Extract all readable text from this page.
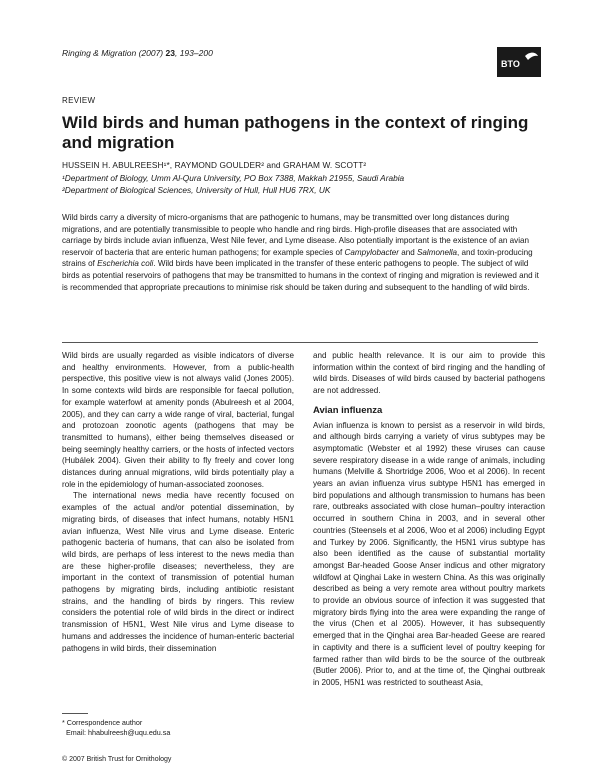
Ringing & Migration (2007) 23, 193–200
BTO
REVIEW
Wild birds and human pathogens in the context of ringing and migration
HUSSEIN H. ABULREESH¹*, RAYMOND GOULDER² and GRAHAM W. SCOTT²
¹Department of Biology, Umm Al-Qura University, PO Box 7388, Makkah 21955, Saudi Arabia
²Department of Biological Sciences, University of Hull, Hull HU6 7RX, UK
Wild birds carry a diversity of micro-organisms that are pathogenic to humans, may be transmitted over long distances during migrations, and are potentially transmissible to people who handle and ring birds. High-profile diseases that are associated with carriage by birds include avian influenza, West Nile fever, and Lyme disease. Also potentially important is the existence of an avian reservoir of bacteria that are enteric human pathogens; for example species of Campylobacter and Salmonella, and toxin-producing strains of Escherichia coli. Wild birds have been implicated in the transfer of these enteric pathogens to people. The subject of wild birds as potential reservoirs of pathogens that may be transmitted to humans in the context of ringing and migration is reviewed and it is recommended that appropriate precautions to minimise risk should be taken during and subsequent to the handling of wild birds.

Wild birds are usually regarded as visible indicators of diverse and healthy environments. However, from a public-health perspective, this positive view is not always valid (Jones 2005). In some contexts wild birds are responsible for faecal pollution, for example waterfowl at amenity ponds (Abulreesh et al 2004, 2005), and they can carry a wide range of viral, bacterial, fungal and protozoan zoonotic agents (pathogens that may be transmitted to humans), either being themselves diseased or being seemingly healthy carriers, or the hosts of infected vectors (Hubálek 2004). Given their ability to fly freely and cover long distances during annual migrations, wild birds potentially play a role in the epidemiology of human-associated zoonoses.

The international news media have recently focused on examples of the actual and/or potential dissemination, by migrating birds, of diseases that infect humans, notably H5N1 avian influenza, West Nile virus and Lyme disease. Enteric pathogenic bacteria of humans, that can also be isolated from wild birds, are perhaps of less interest to the news media than are these higher-profile diseases; nevertheless, they are important in the context of transmission of potential human pathogens by migrating birds, including antibiotic resistant strains, and the handling of birds by ringers. This review considers the potential role of wild birds in the direct or indirect transmission of H5N1, West Nile virus and Lyme disease to humans and addresses the incidence of human-enteric bacterial pathogens in wild birds, their dissemination

and public health relevance. It is our aim to provide this information within the context of bird ringing and the handling of wild birds. Diseases of wild birds caused by bacterial pathogens are not addressed.

Avian influenza

Avian influenza is known to persist as a reservoir in wild birds, and although birds carrying a variety of virus subtypes may be asymptomatic (Webster et al 1992) these viruses can cause severe respiratory disease in a wide range of animals, including humans (Melville & Shortridge 2006, Woo et al 2006). In recent years an avian influenza virus subtype H5N1 has emerged in bird populations and although transmission to humans has been rare, outbreaks associated with close human–poultry interaction occurred in southern China in 2003, and in several other countries (Steensels et al 2006, Woo et al 2006) including Egypt and Turkey by 2006. Significantly, the H5N1 virus subtype has also been identified as the cause of substantial mortality amongst Bar-headed Goose Anser indicus and other migratory wildfowl at Qinghai Lake in western China. As this was originally described as being a very remote area without poultry markets to provide an obvious source of infection it was suggested that migratory birds flying into the area were expanding the range of the virus (Chen et al 2005). However, it has subsequently emerged that in the Qinghai area Bar-headed Geese are reared in captivity and there is a sufficient level of poultry keeping for farmed rather than wild birds to be the source of the outbreak (Butler 2006). Prior to, and at the time of, the Qinghai outbreak in 2005, H5N1 was restricted to southeast Asia,

* Correspondence author
Email: hhabulreesh@uqu.edu.sa
© 2007 British Trust for Ornithology
